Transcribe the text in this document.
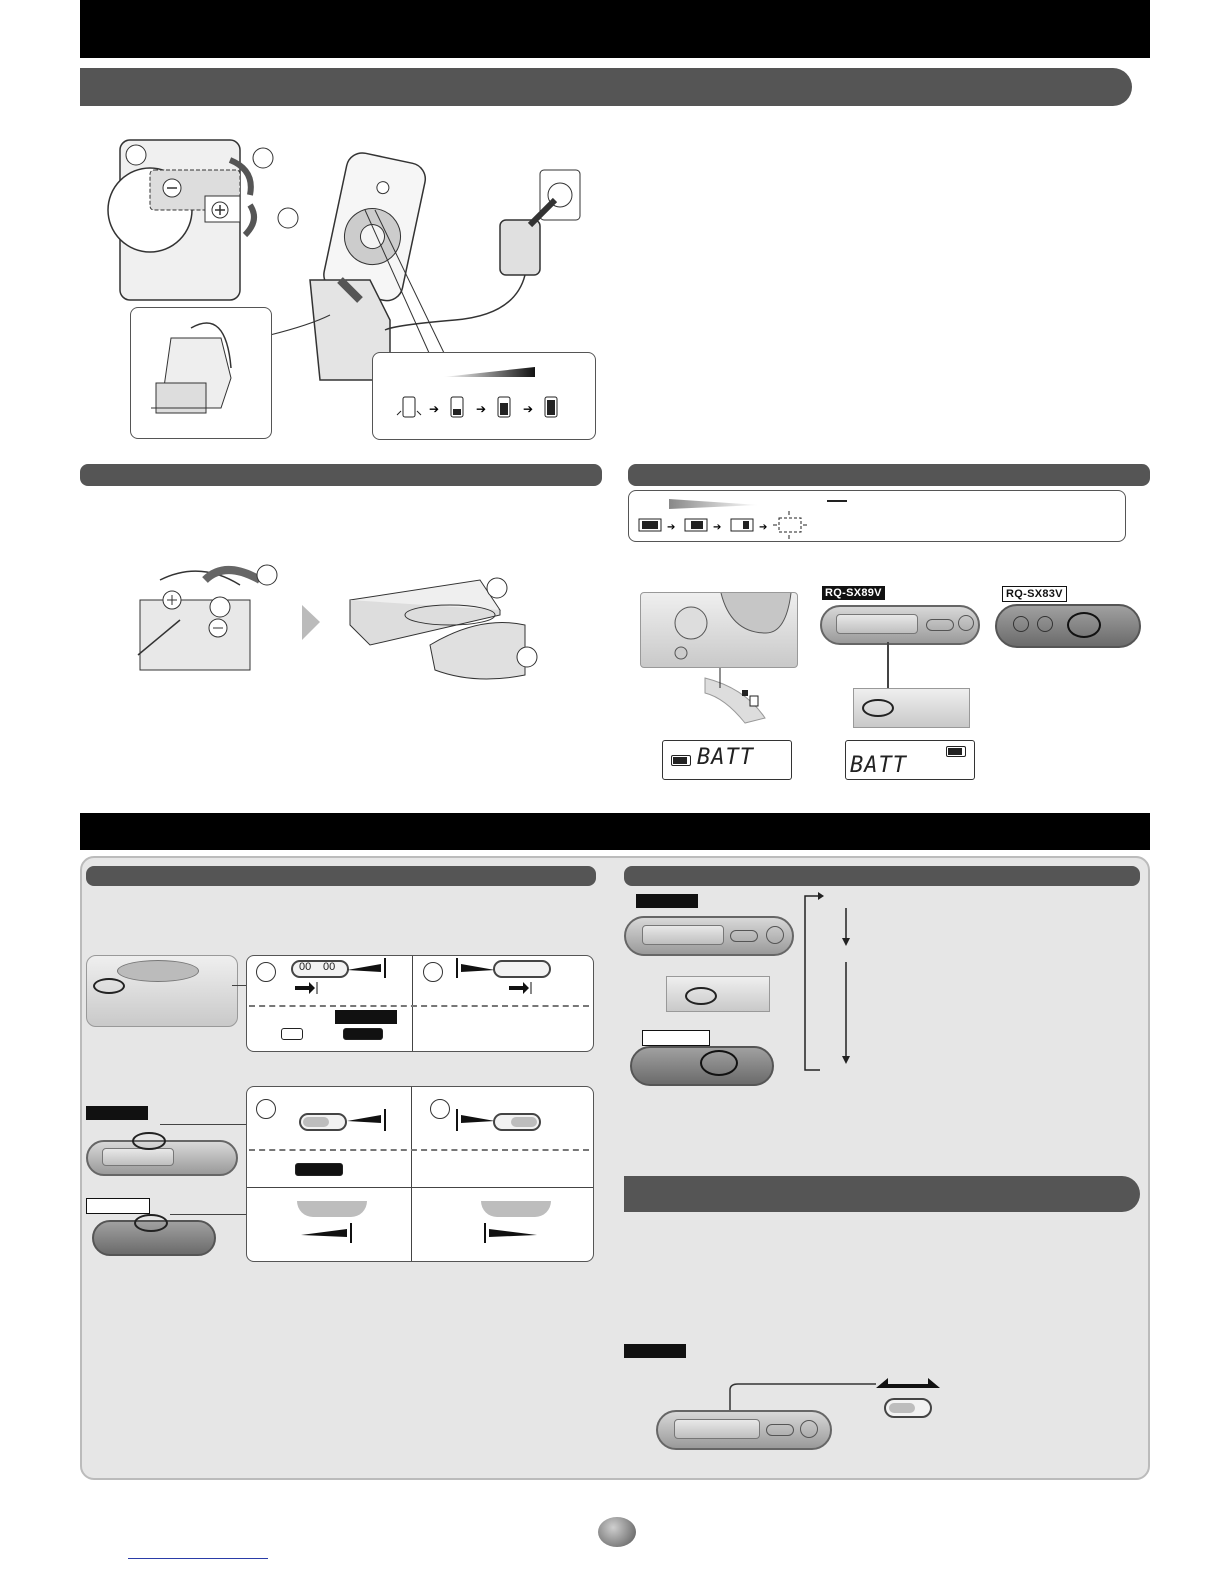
➔	➔	➔
➔	➔	➔
BATT
RQ-SX89V
BATT
RQ-SX83V
00 00
